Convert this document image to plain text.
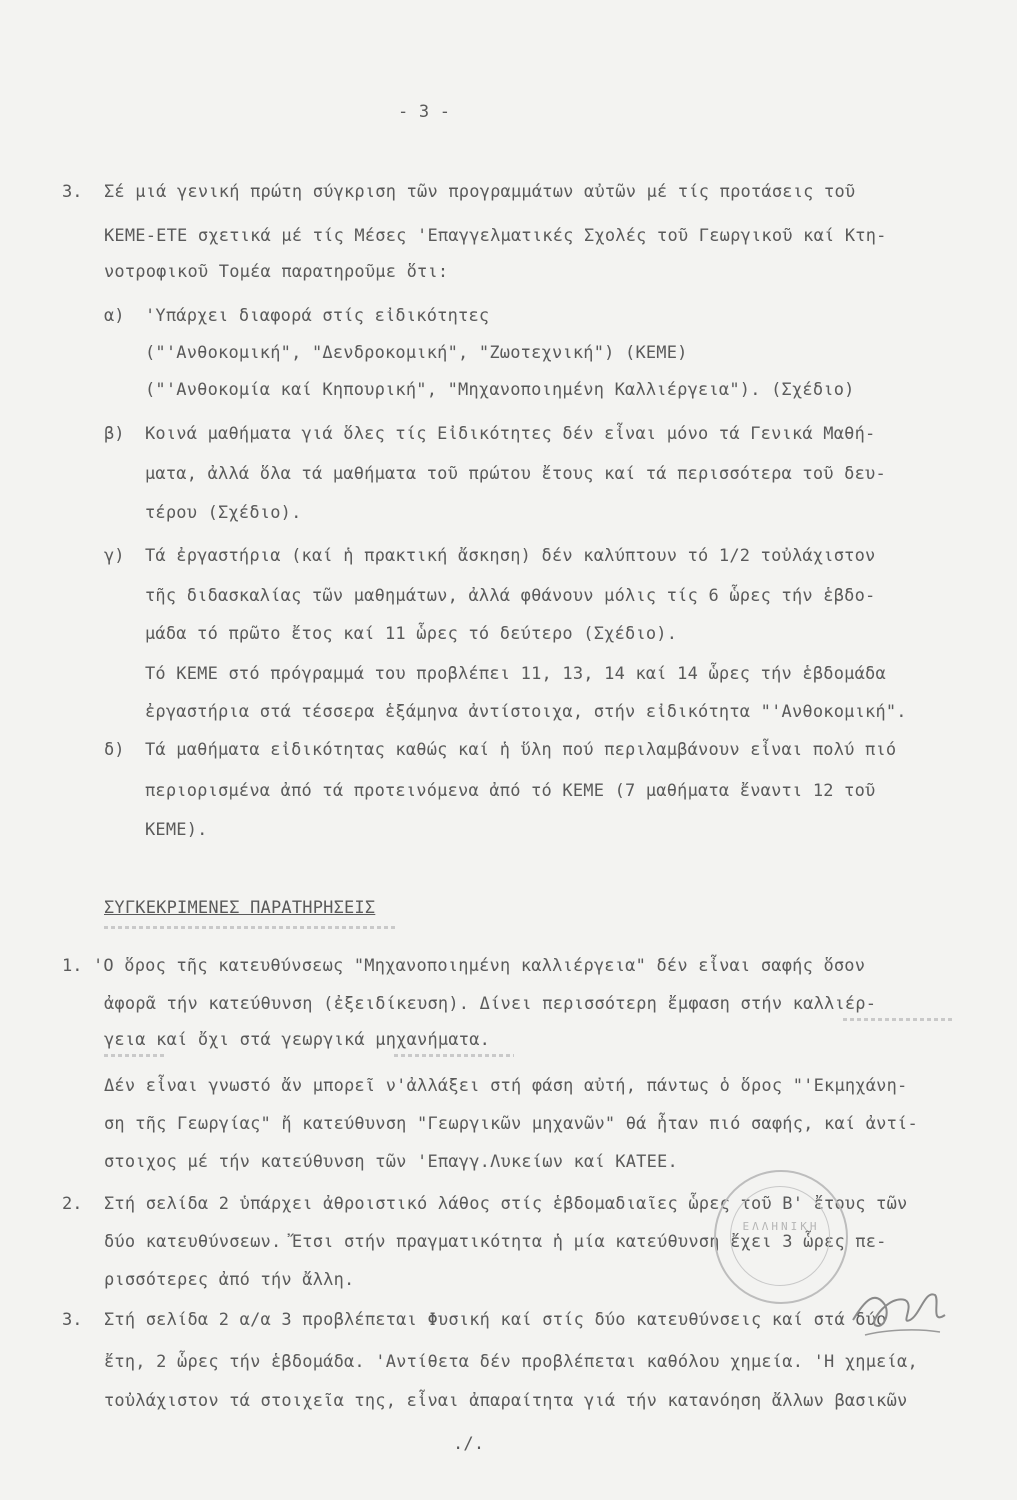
- 3 -
3. Σέ μιά γενική πρώτη σύγκριση τῶν προγραμμάτων αὐτῶν μέ τίς προτάσεις τοῦ
ΚΕΜΕ-ΕΤΕ σχετικά μέ τίς Μέσες 'Επαγγελματικές Σχολές τοῦ Γεωργικοῦ καί Κτη-
νοτροφικοῦ Τομέα παρατηροῦμε ὅτι:
α) 'Υπάρχει διαφορά στίς εἰδικότητες
("'Ανθοκομική", "Δενδροκομική", "Ζωοτεχνική") (ΚΕΜΕ)
("'Ανθοκομία καί Κηπουρική", "Μηχανοποιημένη Καλλιέργεια"). (Σχέδιο)
β) Κοινά μαθήματα γιά ὅλες τίς Εἰδικότητες δέν εἶναι μόνο τά Γενικά Μαθή-
ματα, ἀλλά ὅλα τά μαθήματα τοῦ πρώτου ἔτους καί τά περισσότερα τοῦ δευ-
τέρου (Σχέδιο).
γ) Τά ἐργαστήρια (καί ἡ πρακτική ἄσκηση) δέν καλύπτουν τό 1/2 τοὐλάχιστον
τῆς διδασκαλίας τῶν μαθημάτων, ἀλλά φθάνουν μόλις τίς 6 ὧρες τήν ἑβδο-
μάδα τό πρῶτο ἔτος καί 11 ὧρες τό δεύτερο (Σχέδιο).
Τό ΚΕΜΕ στό πρόγραμμά του προβλέπει 11, 13, 14 καί 14 ὧρες τήν ἑβδομάδα
ἐργαστήρια στά τέσσερα ἑξάμηνα ἀντίστοιχα, στήν εἰδικότητα "'Ανθοκομική".
δ) Τά μαθήματα εἰδικότητας καθώς καί ἡ ὕλη πού περιλαμβάνουν εἶναι πολύ πιό
περιορισμένα ἀπό τά προτεινόμενα ἀπό τό ΚΕΜΕ (7 μαθήματα ἔναντι 12 τοῦ
ΚΕΜΕ).
ΣΥΓΚΕΚΡΙΜΕΝΕΣ ΠΑΡΑΤΗΡΗΣΕΙΣ
1. 'Ο ὅρος τῆς κατευθύνσεως "Μηχανοποιημένη καλλιέργεια" δέν εἶναι σαφής ὅσον
ἀφορᾶ τήν κατεύθυνση (ἐξειδίκευση). Δίνει περισσότερη ἔμφαση στήν καλλιέρ-
γεια καί ὄχι στά γεωργικά μηχανήματα.
Δέν εἶναι γνωστό ἄν μπορεῖ ν'ἀλλάξει στή φάση αὐτή, πάντως ὁ ὅρος "'Εκμηχάνη-
ση τῆς Γεωργίας" ἤ κατεύθυνση "Γεωργικῶν μηχανῶν" θά ἦταν πιό σαφής, καί ἀντί-
στοιχος μέ τήν κατεύθυνση τῶν 'Επαγγ.Λυκείων καί ΚΑΤΕΕ.
2. Στή σελίδα 2 ὑπάρχει ἀθροιστικό λάθος στίς ἑβδομαδιαῖες ὧρες τοῦ Β' ἔτους τῶν
δύο κατευθύνσεων. Ἔτσι στήν πραγματικότητα ἡ μία κατεύθυνση ἔχει 3 ὧρες πε-
ρισσότερες ἀπό τήν ἄλλη.
3. Στή σελίδα 2 α/α 3 προβλέπεται Φυσική καί στίς δύο κατευθύνσεις καί στά δύο
ἔτη, 2 ὧρες τήν ἑβδομάδα. 'Αντίθετα δέν προβλέπεται καθόλου χημεία. 'Η χημεία,
τοὐλάχιστον τά στοιχεῖα της, εἶναι ἀπαραίτητα γιά τήν κατανόηση ἄλλων βασικῶν
./.
ΕΛΛΗΝΙΚΗ
